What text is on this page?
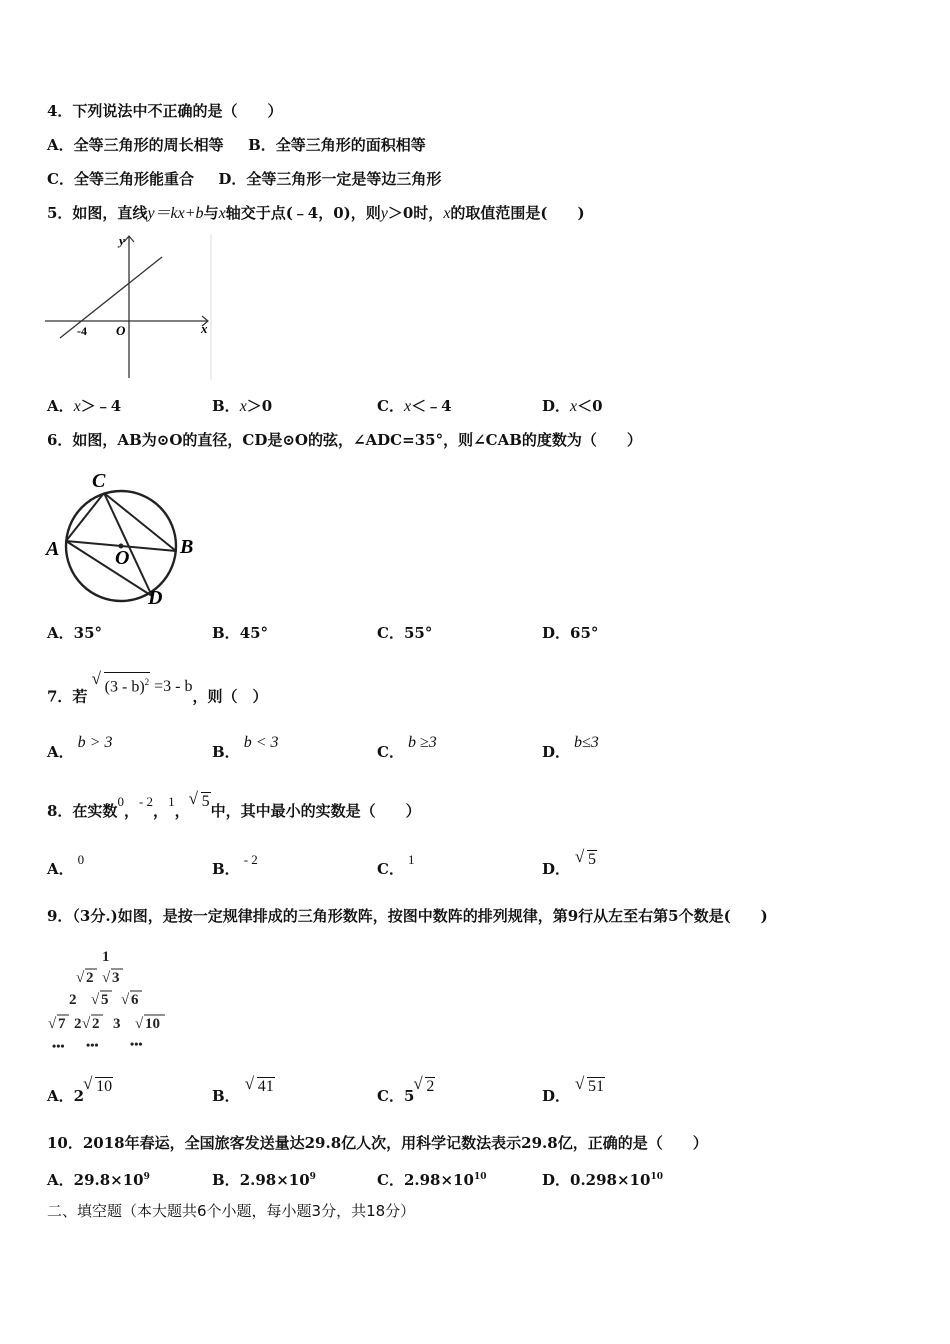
4．下列说法中不正确的是（　　）
A．全等三角形的周长相等 B．全等三角形的面积相等
C．全等三角形能重合 D．全等三角形一定是等边三角形
5．如图，直线y＝kx+b与x轴交于点(﹣4，0)，则y＞0时，x的取值范围是(　　)
y
x
O
-4
A．x＞﹣4	B．x＞0	C．x＜﹣4	D．x＜0
6．如图，AB为⊙O的直径，CD是⊙O的弦，∠ADC=35°，则∠CAB的度数为（　　）
C
A	B
O
D
A．35°	B．45°	C．55°	D．65°
7．若 √ (3 - b)$^2$ =3 - b，则（　）
A．b > 3
B．b < 3
C．b ≥3
D．b≤3
8．在实数0，- 2，1，√ 5中，其中最小的实数是（　　）
A．0
B．- 2
C．1
D．√ 5
9．（3分.)如图，是按一定规律排成的三角形数阵，按图中数阵的排列规律，第9行从左至右第5个数是(　　)
1
√ 2 √ 3
2 √ 5 √ 6
√ 7 2 √ 2 3 √ 10
••• •••	•••
A．2√ 10
B．√ 41
C．5√ 2
D．√ 51
10．2018年春运，全国旅客发送量达29.8亿人次，用科学记数法表示29.8亿，正确的是（　　）
A．$29.8\times 10^9$	B．$2.98\times 10^9$	C．$2.98\times 10^{10}$	D．$0.298\times 10^{10}$
二、填空题（本大题共6个小题，每小题3分，共18分）
